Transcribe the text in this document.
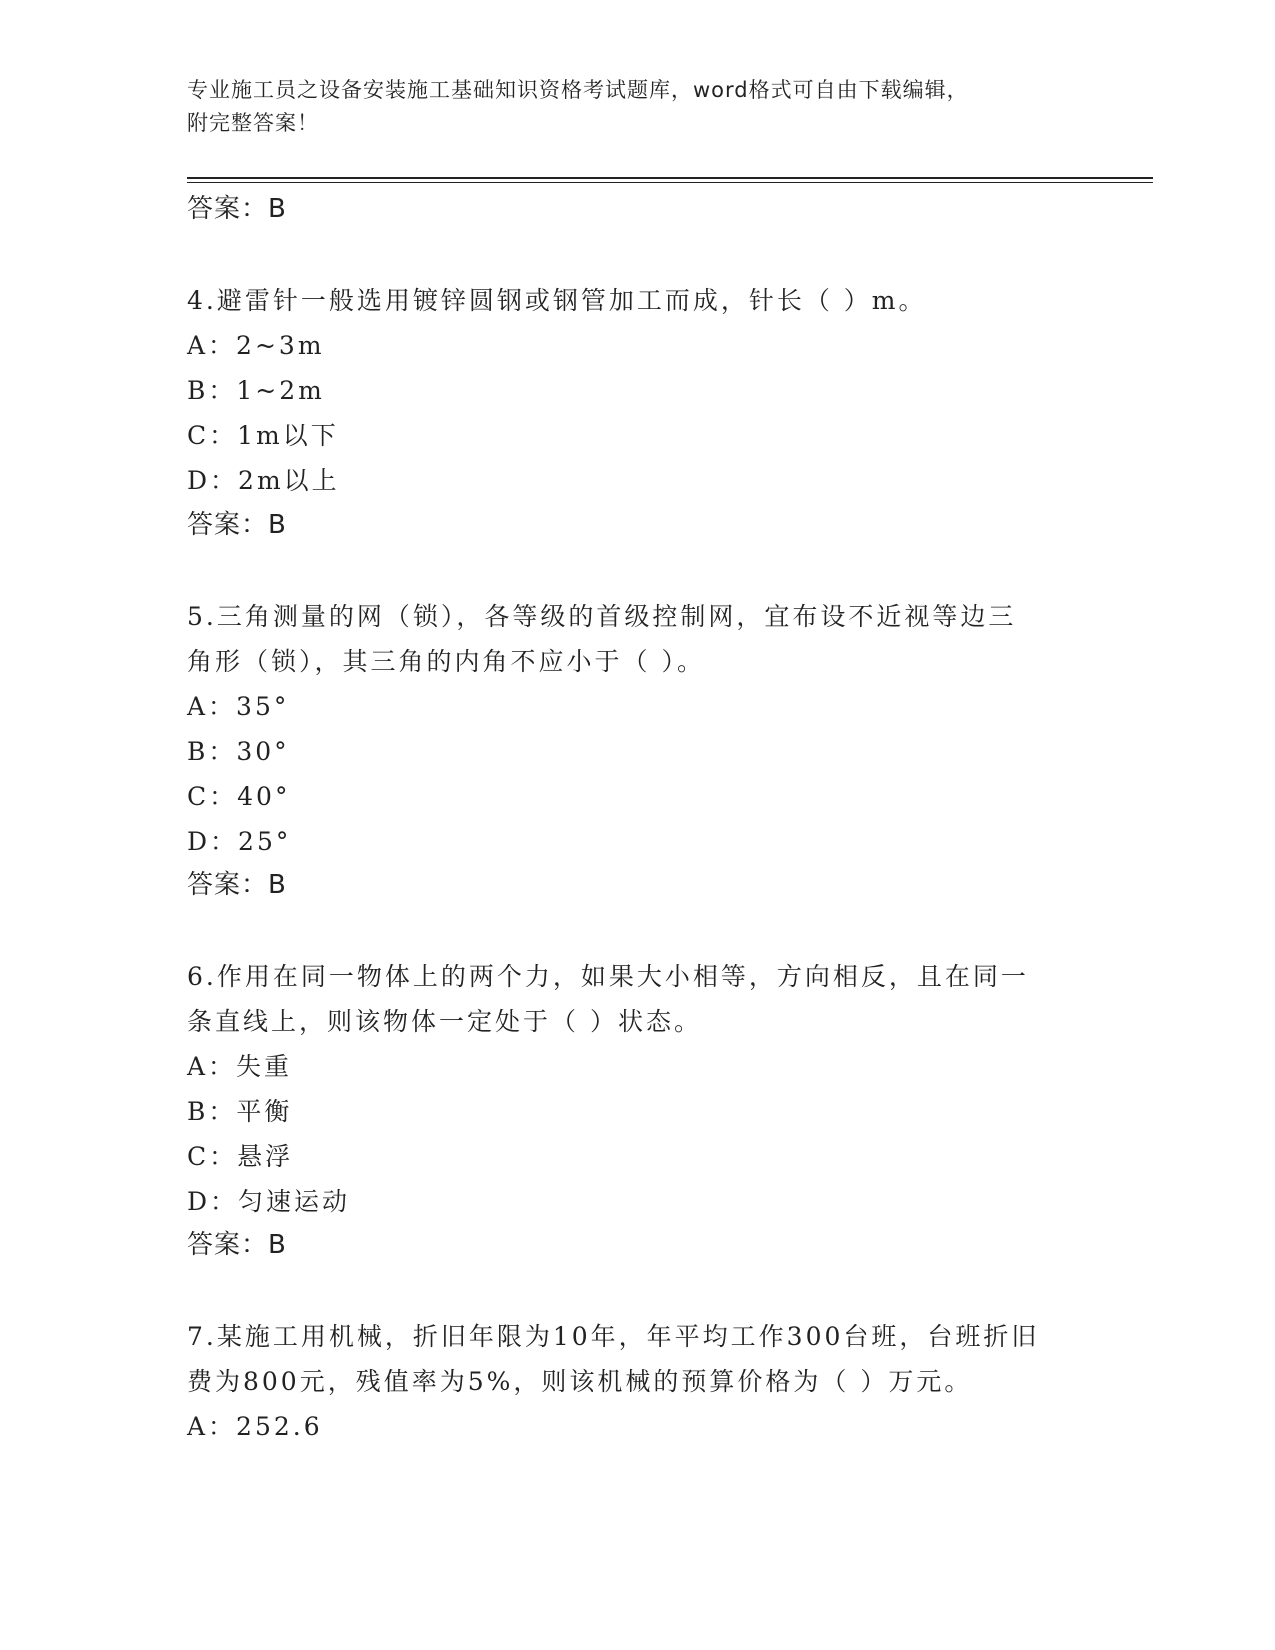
专业施工员之设备安装施工基础知识资格考试题库，word格式可自由下载编辑，
附完整答案！
答案：B
4.避雷针一般选用镀锌圆钢或钢管加工而成，针长（ ）m。
A：2~3m
B：1~2m
C：1m以下
D：2m以上
答案：B
5.三角测量的网（锁），各等级的首级控制网，宜布设不近视等边三
角形（锁），其三角的内角不应小于（ ）。
A：35°
B：30°
C：40°
D：25°
答案：B
6.作用在同一物体上的两个力，如果大小相等，方向相反，且在同一
条直线上，则该物体一定处于（ ）状态。
A：失重
B：平衡
C：悬浮
D：匀速运动
答案：B
7.某施工用机械，折旧年限为10年，年平均工作300台班，台班折旧
费为800元，残值率为5%，则该机械的预算价格为（ ）万元。
A：252.6
